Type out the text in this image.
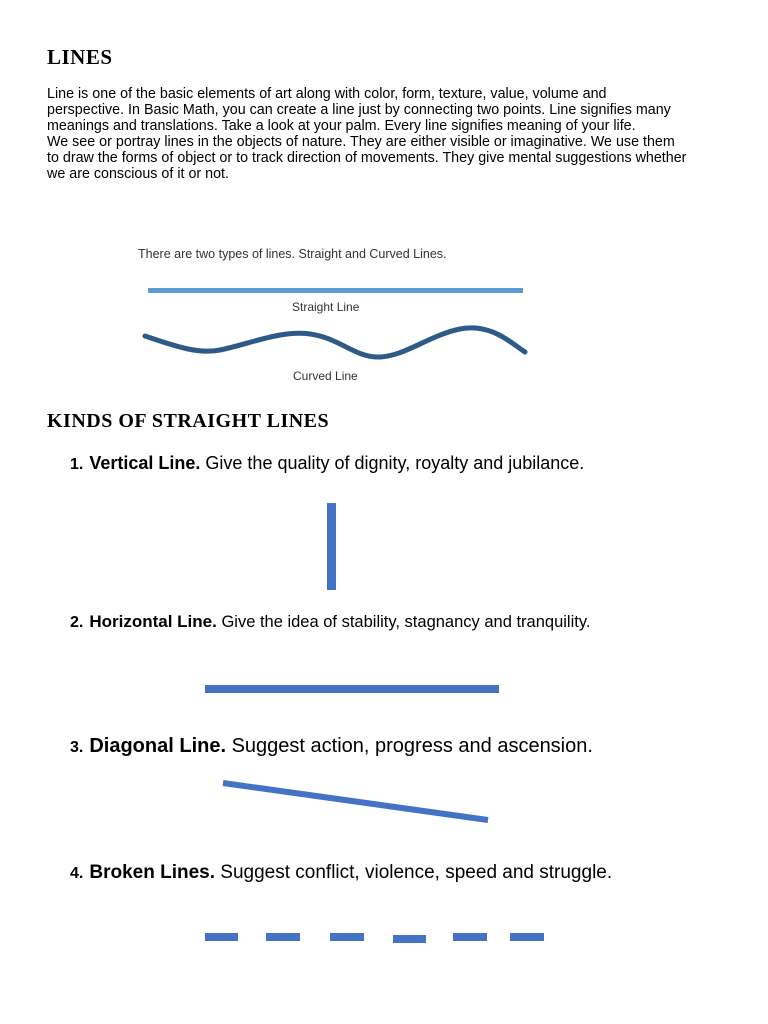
LINES

Line is one of the basic elements of art along with color, form, texture, value, volume and perspective. In Basic Math, you can create a line just by connecting two points. Line signifies many meanings and translations. Take a look at your palm. Every line signifies meaning of your life.

We see or portray lines in the objects of nature. They are either visible or imaginative. We use them to draw the forms of object or to track direction of movements. They give mental suggestions whether we are conscious of it or not.

There are two types of lines. Straight and Curved Lines.
Straight Line
Curved Line
KINDS OF STRAIGHT LINES
1. Vertical Line. Give the quality of dignity, royalty and jubilance.
2. Horizontal Line. Give the idea of stability, stagnancy and tranquility.
3. Diagonal Line. Suggest action, progress and ascension.
4. Broken Lines. Suggest conflict, violence, speed and struggle.
